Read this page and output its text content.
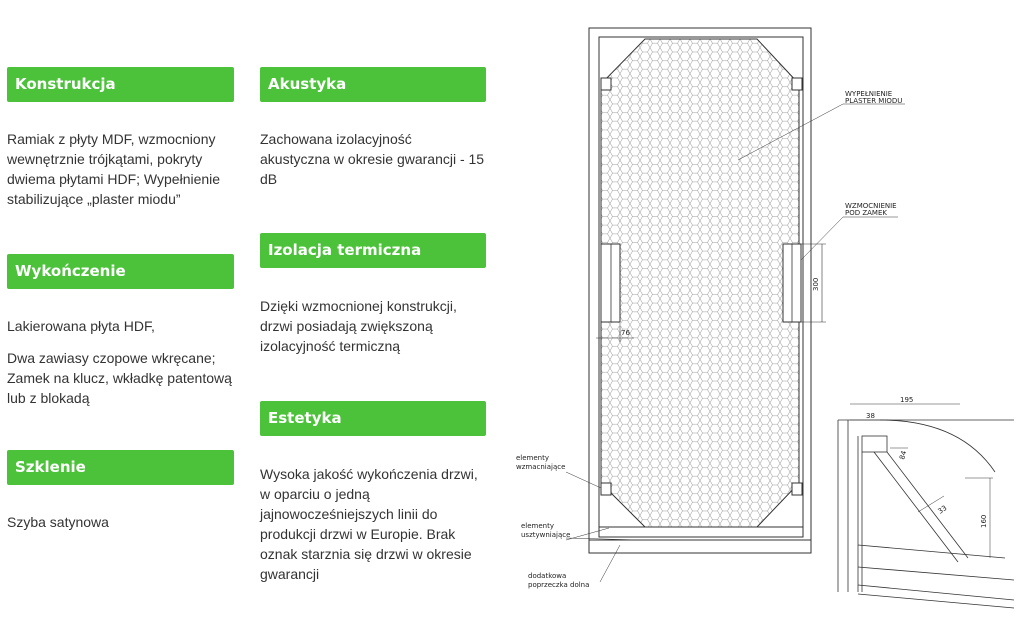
Konstrukcja

Ramiak z płyty MDF, wzmocniony wewnętrznie trójkątami, pokryty dwiema płytami HDF; Wypełnienie stabilizujące „plaster miodu”

Wykończenie

Lakierowana płyta HDF,

Dwa zawiasy czopowe wkręcane; Zamek na klucz, wkładkę patentową lub z blokadą

Szklenie

Szyba satynowa

Akustyka

Zachowana izolacyjność akustyczna w okresie gwarancji - 15 dB

Izolacja termiczna

Dzięki wzmocnionej konstrukcji, drzwi posiadają zwiększoną izolacyjność termiczną

Estetyka

Wysoka jakość wykończenia drzwi, w oparciu o jedną jajnowocześniejszych linii do produkcji drzwi w Europie. Brak oznak starznia się drzwi w okresie gwarancji

300
76
WYPEŁNIENIE
PLASTER MIODU
WZMOCNIENIE
POD ZAMEK
elementy
wzmacniające
elementy
usztywniające
dodatkowa
poprzeczka dolna
195
38
84
33
160
